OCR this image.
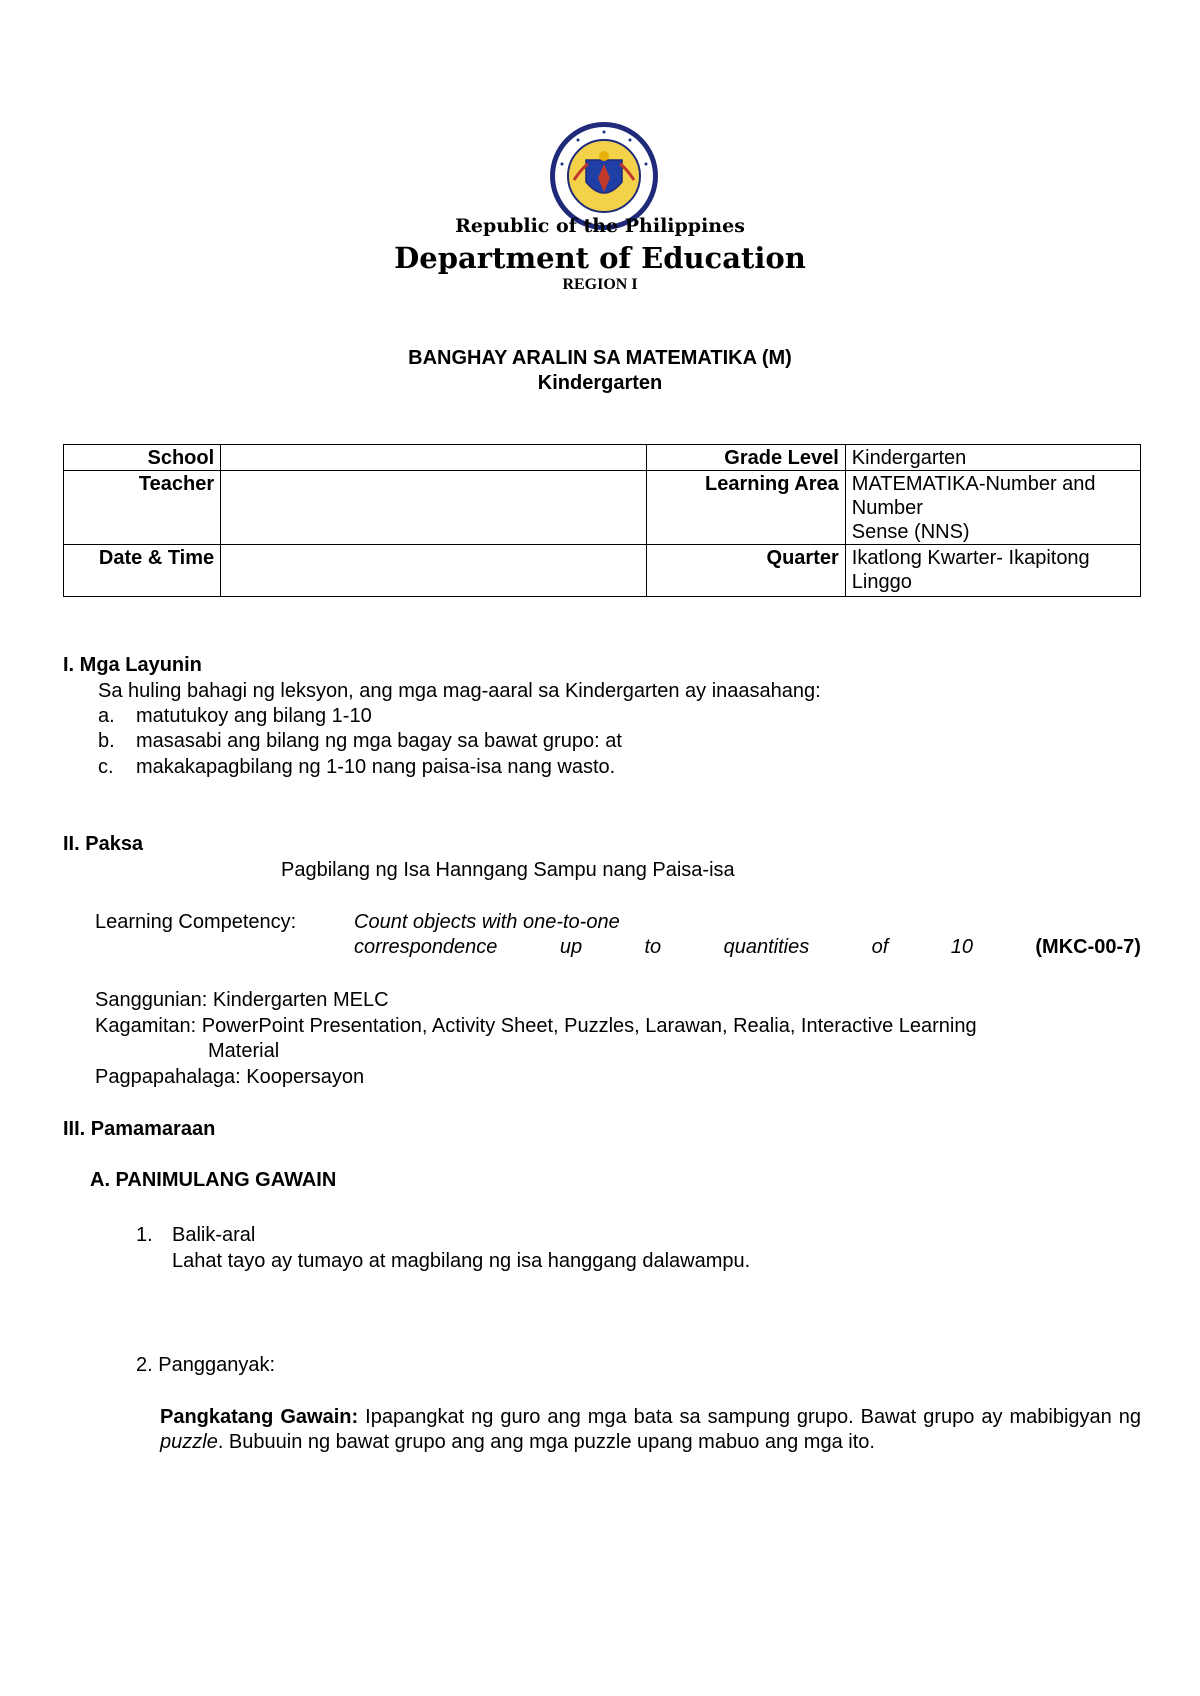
Republic of the Philippines
Department of Education
REGION I
BANGHAY ARALIN SA MATEMATIKA (M)
Kindergarten
School		Grade Level	Kindergarten
Teacher		Learning Area	MATEMATIKA-Number and Number
Sense (NNS)

Date & Time		Quarter	Ikatlong Kwarter- Ikapitong Linggo
I. Mga Layunin
Sa huling bahagi ng leksyon, ang mga mag-aaral sa Kindergarten ay inaasahang:
a. matutukoy ang bilang 1-10
b. masasabi ang bilang ng mga bagay sa bawat grupo: at
c. makakapagbilang ng 1-10 nang paisa-isa nang wasto.
II. Paksa
Pagbilang ng Isa Hanngang Sampu nang Paisa-isa
Learning Competency:	Count objects with one-to-one
correspondence	up	to	quantities	of	10	(MKC-00-7)
Sanggunian: Kindergarten MELC
Kagamitan: PowerPoint Presentation, Activity Sheet, Puzzles, Larawan, Realia, Interactive Learning
Material
Pagpapahalaga: Koopersayon
III. Pamamaraan
A. PANIMULANG GAWAIN
1. Balik-aral
Lahat tayo ay tumayo at magbilang ng isa hanggang dalawampu.
2. Pangganyak:
Pangkatang Gawain: Ipapangkat ng guro ang mga bata sa sampung grupo. Bawat grupo ay mabibigyan ng puzzle. Bubuuin ng bawat grupo ang ang mga puzzle upang mabuo ang mga ito.
